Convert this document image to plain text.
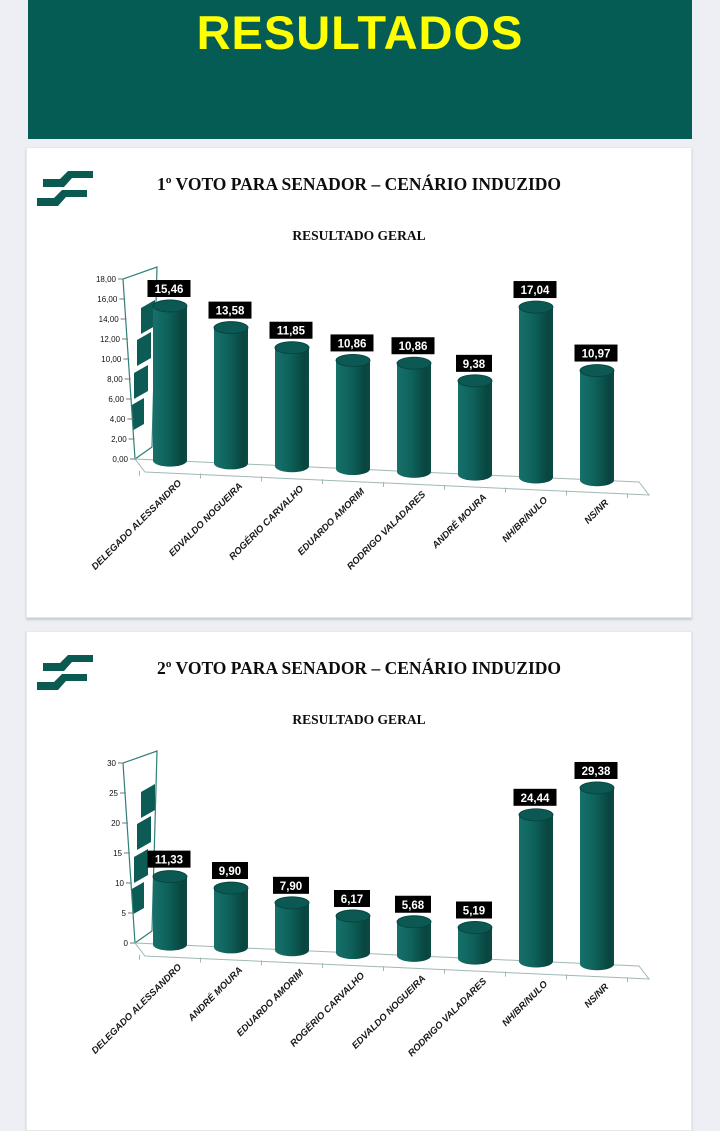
RESULTADOS
1º VOTO PARA SENADOR – CENÁRIO INDUZIDO
RESULTADO GERAL
0,00
2,00
4,00
6,00
8,00
10,00
12,00
14,00
16,00
18,00
15,46
DELEGADO ALESSANDRO
13,58
EDVALDO NOGUEIRA
11,85
ROGÉRIO CARVALHO
10,86
EDUARDO AMORIM
10,86
RODRIGO VALADARES
9,38
ANDRÉ MOURA
17,04
NH/BR/NULO
10,97
NS/NR
2º VOTO PARA SENADOR – CENÁRIO INDUZIDO
RESULTADO GERAL
0
5
10
15
20
25
30
11,33
DELEGADO ALESSANDRO
9,90
ANDRÉ MOURA
7,90
EDUARDO AMORIM
6,17
ROGÉRIO CARVALHO
5,68
EDVALDO NOGUEIRA
5,19
RODRIGO VALADARES
24,44
NH/BR/NULO
29,38
NS/NR
